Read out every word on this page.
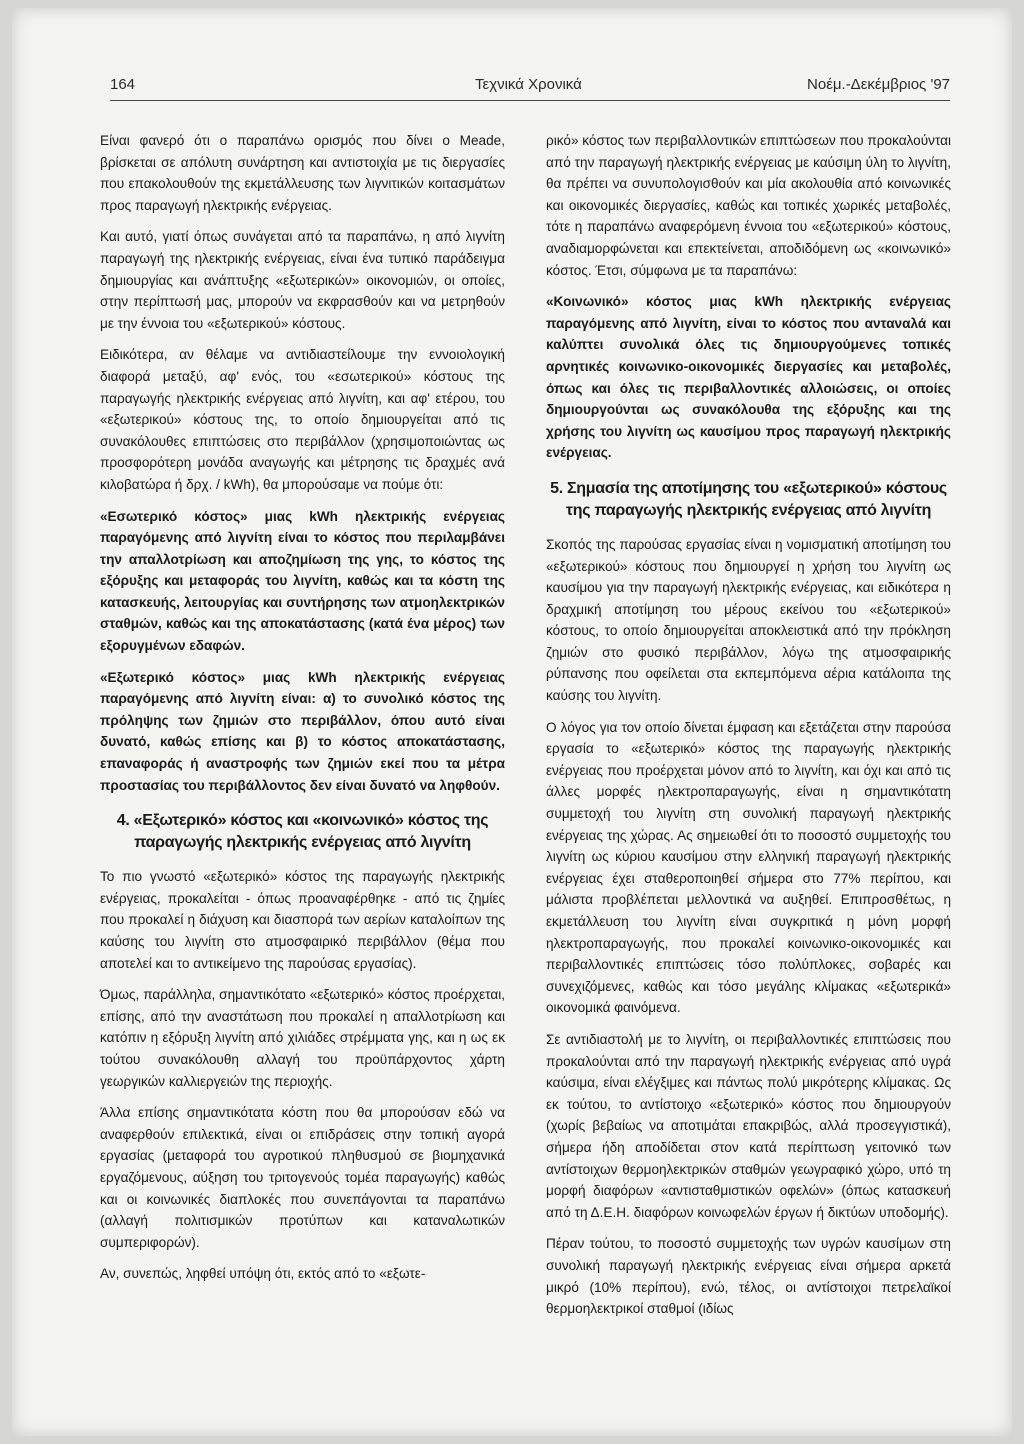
164	Τεχνικά Χρονικά	Νοέμ.-Δεκέμβριος '97

Είναι φανερό ότι ο παραπάνω ορισμός που δίνει ο Meade, βρίσκεται σε απόλυτη συνάρτηση και αντιστοιχία με τις διεργασίες που επακολουθούν της εκμετάλλευσης των λιγνιτικών κοιτασμάτων προς παραγωγή ηλεκτρικής ενέργειας.

Και αυτό, γιατί όπως συνάγεται από τα παραπάνω, η από λιγνίτη παραγωγή της ηλεκτρικής ενέργειας, είναι ένα τυπικό παράδειγμα δημιουργίας και ανάπτυξης «εξωτερικών» οικονομιών, οι οποίες, στην περίπτωσή μας, μπορούν να εκφρασθούν και να μετρηθούν με την έννοια του «εξωτερικού» κόστους.

Ειδικότερα, αν θέλαμε να αντιδιαστείλουμε την εννοιολογική διαφορά μεταξύ, αφ' ενός, του «εσωτερικού» κόστους της παραγωγής ηλεκτρικής ενέργειας από λιγνίτη, και αφ' ετέρου, του «εξωτερικού» κόστους της, το οποίο δημιουργείται από τις συνακόλουθες επιπτώσεις στο περιβάλλον (χρησιμοποιώντας ως προσφορότερη μονάδα αναγωγής και μέτρησης τις δραχμές ανά κιλοβατώρα ή δρχ. / kWh), θα μπορούσαμε να πούμε ότι:

«Εσωτερικό κόστος» μιας kWh ηλεκτρικής ενέργειας παραγόμενης από λιγνίτη είναι το κόστος που περιλαμβάνει την απαλλοτρίωση και αποζημίωση της γης, το κόστος της εξόρυξης και μεταφοράς του λιγνίτη, καθώς και τα κόστη της κατασκευής, λειτουργίας και συντήρησης των ατμοηλεκτρικών σταθμών, καθώς και της αποκατάστασης (κατά ένα μέρος) των εξορυγμένων εδαφών.

«Εξωτερικό κόστος» μιας kWh ηλεκτρικής ενέργειας παραγόμενης από λιγνίτη είναι: α) το συνολικό κόστος της πρόληψης των ζημιών στο περιβάλλον, όπου αυτό είναι δυνατό, καθώς επίσης και β) το κόστος αποκατάστασης, επαναφοράς ή αναστροφής των ζημιών εκεί που τα μέτρα προστασίας του περιβάλλοντος δεν είναι δυνατό να ληφθούν.

4. «Εξωτερικό» κόστος και «κοινωνικό» κόστος της παραγωγής ηλεκτρικής ενέργειας από λιγνίτη

Το πιο γνωστό «εξωτερικό» κόστος της παραγωγής ηλεκτρικής ενέργειας, προκαλείται - όπως προαναφέρθηκε - από τις ζημίες που προκαλεί η διάχυση και διασπορά των αερίων καταλοίπων της καύσης του λιγνίτη στο ατμοσφαιρικό περιβάλλον (θέμα που αποτελεί και το αντικείμενο της παρούσας εργασίας).

Όμως, παράλληλα, σημαντικότατο «εξωτερικό» κόστος προέρχεται, επίσης, από την αναστάτωση που προκαλεί η απαλλοτρίωση και κατόπιν η εξόρυξη λιγνίτη από χιλιάδες στρέμματα γης, και η ως εκ τούτου συνακόλουθη αλλαγή του προϋπάρχοντος χάρτη γεωργικών καλλιεργειών της περιοχής.

Άλλα επίσης σημαντικότατα κόστη που θα μπορούσαν εδώ να αναφερθούν επιλεκτικά, είναι οι επιδράσεις στην τοπική αγορά εργασίας (μεταφορά του αγροτικού πληθυσμού σε βιομηχανικά εργαζόμενους, αύξηση του τριτογενούς τομέα παραγωγής) καθώς και οι κοινωνικές διαπλοκές που συνεπάγονται τα παραπάνω (αλλαγή πολιτισμικών προτύπων και καταναλωτικών συμπεριφορών).

Αν, συνεπώς, ληφθεί υπόψη ότι, εκτός από το «εξωτε-

ρικό» κόστος των περιβαλλοντικών επιπτώσεων που προκαλούνται από την παραγωγή ηλεκτρικής ενέργειας με καύσιμη ύλη το λιγνίτη, θα πρέπει να συνυπολογισθούν και μία ακολουθία από κοινωνικές και οικονομικές διεργασίες, καθώς και τοπικές χωρικές μεταβολές, τότε η παραπάνω αναφερόμενη έννοια του «εξωτερικού» κόστους, αναδιαμορφώνεται και επεκτείνεται, αποδιδόμενη ως «κοινωνικό» κόστος. Έτσι, σύμφωνα με τα παραπάνω:

«Κοινωνικό» κόστος μιας kWh ηλεκτρικής ενέργειας παραγόμενης από λιγνίτη, είναι το κόστος που ανταναλά και καλύπτει συνολικά όλες τις δημιουργούμενες τοπικές αρνητικές κοινωνικο-οικονομικές διεργασίες και μεταβολές, όπως και όλες τις περιβαλλοντικές αλλοιώσεις, οι οποίες δημιουργούνται ως συνακόλουθα της εξόρυξης και της χρήσης του λιγνίτη ως καυσίμου προς παραγωγή ηλεκτρικής ενέργειας.

5. Σημασία της αποτίμησης του «εξωτερικού» κόστους της παραγωγής ηλεκτρικής ενέργειας από λιγνίτη

Σκοπός της παρούσας εργασίας είναι η νομισματική αποτίμηση του «εξωτερικού» κόστους που δημιουργεί η χρήση του λιγνίτη ως καυσίμου για την παραγωγή ηλεκτρικής ενέργειας, και ειδικότερα η δραχμική αποτίμηση του μέρους εκείνου του «εξωτερικού» κόστους, το οποίο δημιουργείται αποκλειστικά από την πρόκληση ζημιών στο φυσικό περιβάλλον, λόγω της ατμοσφαιρικής ρύπανσης που οφείλεται στα εκπεμπόμενα αέρια κατάλοιπα της καύσης του λιγνίτη.

Ο λόγος για τον οποίο δίνεται έμφαση και εξετάζεται στην παρούσα εργασία το «εξωτερικό» κόστος της παραγωγής ηλεκτρικής ενέργειας που προέρχεται μόνον από το λιγνίτη, και όχι και από τις άλλες μορφές ηλεκτροπαραγωγής, είναι η σημαντικότατη συμμετοχή του λιγνίτη στη συνολική παραγωγή ηλεκτρικής ενέργειας της χώρας. Ας σημειωθεί ότι το ποσοστό συμμετοχής του λιγνίτη ως κύριου καυσίμου στην ελληνική παραγωγή ηλεκτρικής ενέργειας έχει σταθεροποιηθεί σήμερα στο 77% περίπου, και μάλιστα προβλέπεται μελλοντικά να αυξηθεί. Επιπροσθέτως, η εκμετάλλευση του λιγνίτη είναι συγκριτικά η μόνη μορφή ηλεκτροπαραγωγής, που προκαλεί κοινωνικο-οικονομικές και περιβαλλοντικές επιπτώσεις τόσο πολύπλοκες, σοβαρές και συνεχιζόμενες, καθώς και τόσο μεγάλης κλίμακας «εξωτερικά» οικονομικά φαινόμενα.

Σε αντιδιαστολή με το λιγνίτη, οι περιβαλλοντικές επιπτώσεις που προκαλούνται από την παραγωγή ηλεκτρικής ενέργειας από υγρά καύσιμα, είναι ελέγξιμες και πάντως πολύ μικρότερης κλίμακας. Ως εκ τούτου, το αντίστοιχο «εξωτερικό» κόστος που δημιουργούν (χωρίς βεβαίως να αποτιμάται επακριβώς, αλλά προσεγγιστικά), σήμερα ήδη αποδίδεται στον κατά περίπτωση γειτονικό των αντίστοιχων θερμοηλεκτρικών σταθμών γεωγραφικό χώρο, υπό τη μορφή διαφόρων «αντισταθμιστικών οφελών» (όπως κατασκευή από τη Δ.Ε.Η. διαφόρων κοινωφελών έργων ή δικτύων υποδομής).

Πέραν τούτου, το ποσοστό συμμετοχής των υγρών καυσίμων στη συνολική παραγωγή ηλεκτρικής ενέργειας είναι σήμερα αρκετά μικρό (10% περίπου), ενώ, τέλος, οι αντίστοιχοι πετρελαϊκοί θερμοηλεκτρικοί σταθμοί (ιδίως
